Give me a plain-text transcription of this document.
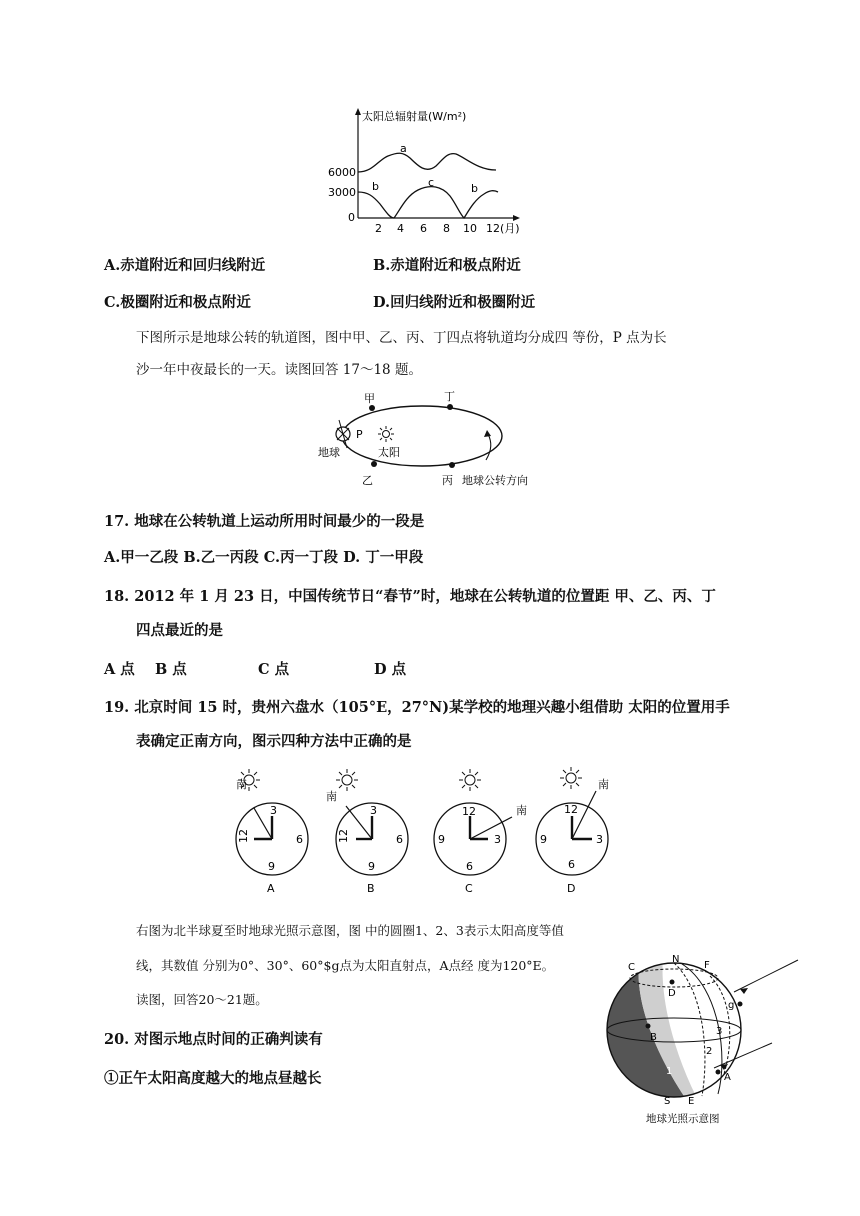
太阳总辐射量(W/m²)
6000
3000
0
2 4 6 8 10 12(月)
a
b	c	b
A.赤道附近和回归线附近	B.赤道附近和极点附近
C.极圈附近和极点附近	D.回归线附近和极圈附近
下图所示是地球公转的轨道图，图中甲、乙、丙、丁四点将轨道均分成四 等份，P 点为长
沙一年中夜最长的一天。读图回答 17～18 题。
甲	丁
乙	丙
P
太阳
地球
地球公转方向
17. 地球在公转轨道上运动所用时间最少的一段是
A.甲一乙段 B.乙一丙段 C.丙一丁段 D. 丁一甲段
18. 2012 年 1 月 23 日，中国传统节日“春节”时，地球在公转轨道的位置距 甲、乙、丙、丁
四点最近的是
A 点 B 点	C 点	D 点
19. 北京时间 15 时，贵州六盘水（105°E，27°N)某学校的地理兴趣小组借助 太阳的位置用手
表确定正南方向，图示四种方法中正确的是
南
12
3
6
9
A
南
12
3
6
9
B
南
12
3
6
9
C
南
12
3
6
9
D
右图为北半球夏至时地球光照示意图，图 中的圆圈1、2、3表示太阳高度等值
线，其数值 分别为0°、30°、60°$g点为太阳直射点，A点经 度为120°E。
读图，回答20～21题。
20. 对图示地点时间的正确判读有
①正午太阳高度越大的地点昼越长
C
N
F
g
D
B
S E
A
1
2
3
地球光照示意图
